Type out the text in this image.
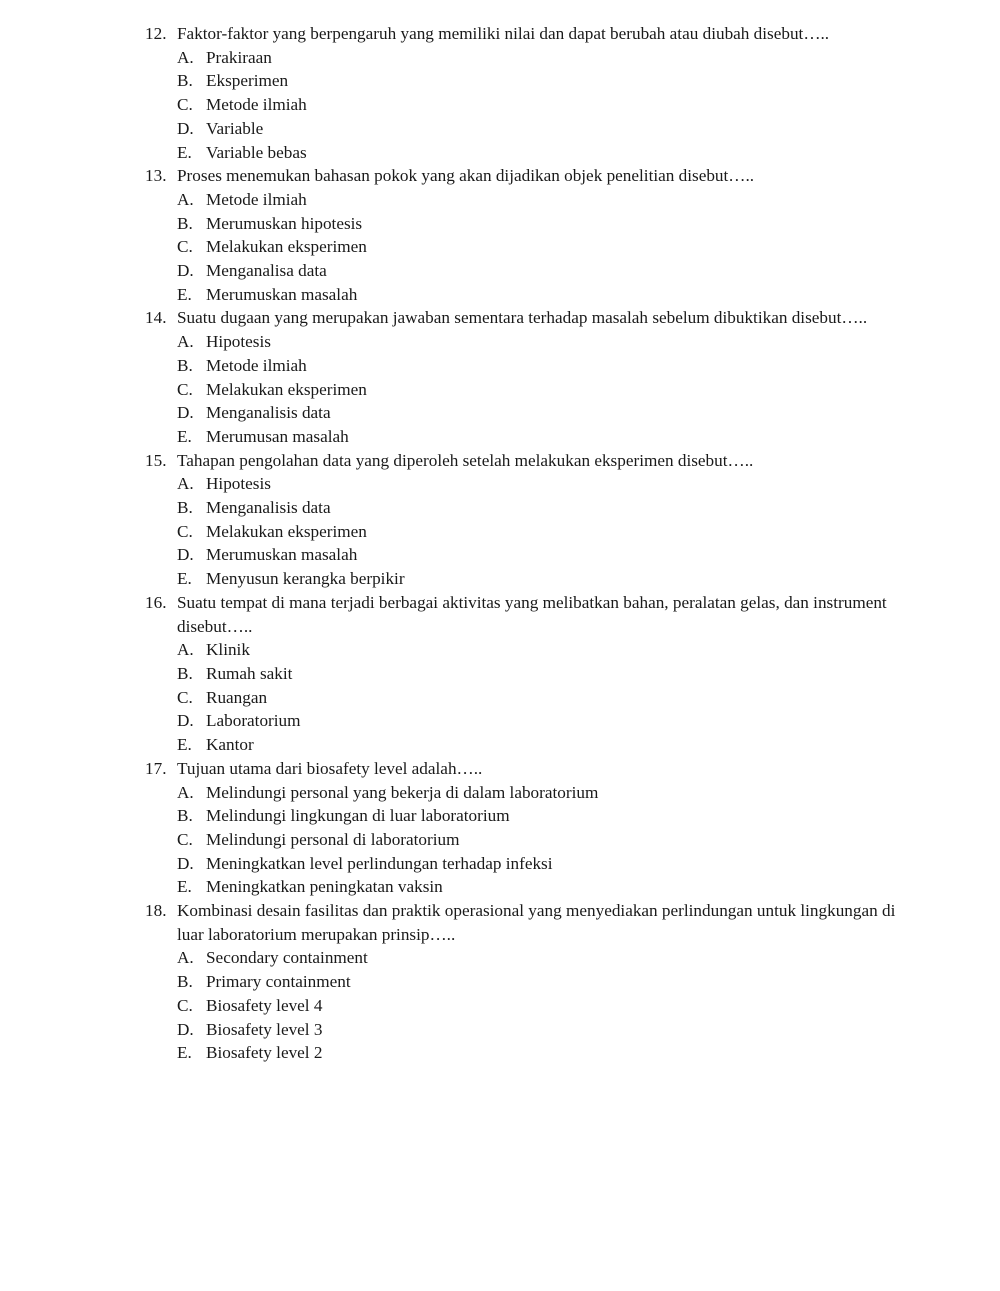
12. Faktor-faktor yang berpengaruh yang memiliki nilai dan dapat berubah atau diubah disebut…..
A. Prakiraan
B. Eksperimen
C. Metode ilmiah
D. Variable
E. Variable bebas
13. Proses menemukan bahasan pokok yang akan dijadikan objek penelitian disebut…..
A. Metode ilmiah
B. Merumuskan hipotesis
C. Melakukan eksperimen
D. Menganalisa data
E. Merumuskan masalah
14. Suatu dugaan yang merupakan jawaban sementara terhadap masalah sebelum dibuktikan disebut…..
A. Hipotesis
B. Metode ilmiah
C. Melakukan eksperimen
D. Menganalisis data
E. Merumusan masalah
15. Tahapan pengolahan data yang diperoleh setelah melakukan eksperimen disebut…..
A. Hipotesis
B. Menganalisis data
C. Melakukan eksperimen
D. Merumuskan masalah
E. Menyusun kerangka berpikir
16. Suatu tempat di mana terjadi berbagai aktivitas yang melibatkan bahan, peralatan gelas, dan instrument disebut…..
A. Klinik
B. Rumah sakit
C. Ruangan
D. Laboratorium
E. Kantor
17. Tujuan utama dari biosafety level adalah…..
A. Melindungi personal yang bekerja di dalam laboratorium
B. Melindungi lingkungan di luar laboratorium
C. Melindungi personal di laboratorium
D. Meningkatkan level perlindungan terhadap infeksi
E. Meningkatkan peningkatan vaksin
18. Kombinasi desain fasilitas dan praktik operasional yang menyediakan perlindungan untuk lingkungan di luar laboratorium merupakan prinsip…..
A. Secondary containment
B. Primary containment
C. Biosafety level 4
D. Biosafety level 3
E. Biosafety level 2
